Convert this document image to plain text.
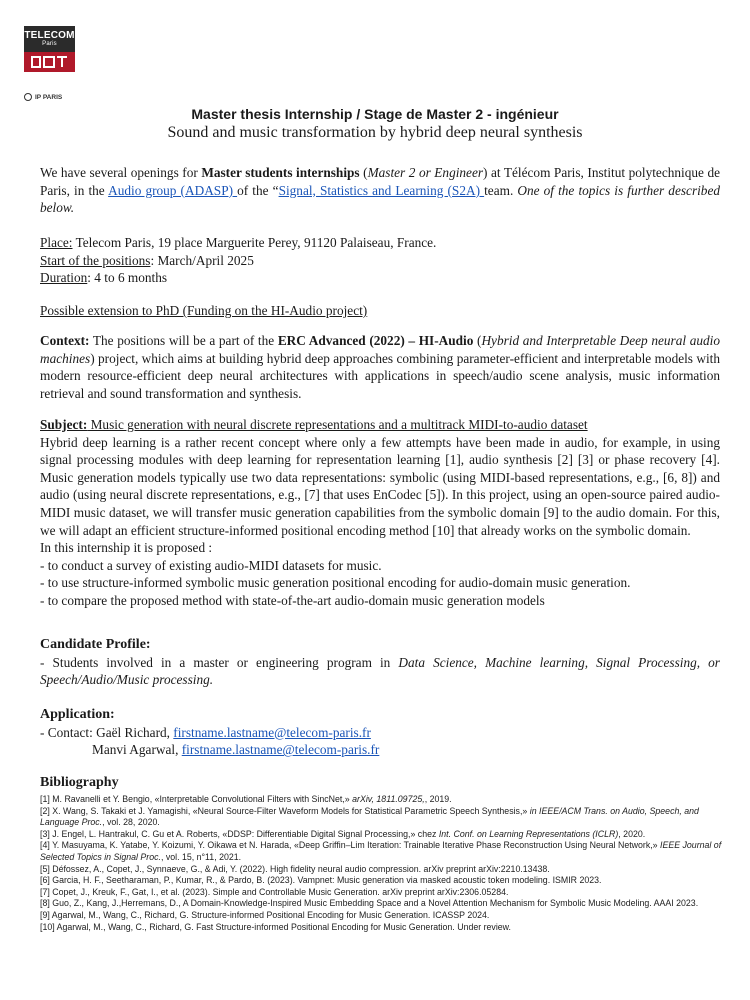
TELECOM
Paris
IP PARIS
Master thesis Internship / Stage de Master 2 - ingénieur
Sound and music transformation by hybrid deep neural synthesis
We have several openings for Master students internships (Master 2 or Engineer) at Télécom Paris, Institut polytechnique de Paris, in the Audio group (ADASP) of the “Signal, Statistics and Learning (S2A) team. One of the topics is further described below.
Place: Telecom Paris, 19 place Marguerite Perey, 91120 Palaiseau, France.
Start of the positions: March/April 2025
Duration: 4 to 6 months
Possible extension to PhD (Funding on the HI-Audio project)
Context: The positions will be a part of the ERC Advanced (2022) – HI-Audio (Hybrid and Interpretable Deep neural audio machines) project, which aims at building hybrid deep approaches combining parameter-efficient and interpretable models with modern resource-efficient deep neural architectures with applications in speech/audio scene analysis, music information retrieval and sound transformation and synthesis.
Subject: Music generation with neural discrete representations and a multitrack MIDI-to-audio dataset
Hybrid deep learning is a rather recent concept where only a few attempts have been made in audio, for example, in using signal processing modules with deep learning for representation learning [1], audio synthesis [2] [3] or phase recovery [4]. Music generation models typically use two data representations: symbolic (using MIDI-based representations, e.g., [6, 8]) and audio (using neural discrete representations, e.g., [7] that uses EnCodec [5]). In this project, using an open-source paired audio-MIDI music dataset, we will transfer music generation capabilities from the symbolic domain [9] to the audio domain. For this, we will adapt an efficient structure-informed positional encoding method [10] that already works on the symbolic domain.
In this internship it is proposed :
- to conduct a survey of existing audio-MIDI datasets for music.
- to use structure-informed symbolic music generation positional encoding for audio-domain music generation.
- to compare the proposed method with state-of-the-art audio-domain music generation models
Candidate Profile:
- Students involved in a master or engineering program in Data Science, Machine learning, Signal Processing, or Speech/Audio/Music processing.
Application:
- Contact: Gaël Richard, firstname.lastname@telecom-paris.fr
Manvi Agarwal, firstname.lastname@telecom-paris.fr
Bibliography
[1] M. Ravanelli et Y. Bengio, «Interpretable Convolutional Filters with SincNet,» arXiv, 1811.09725,, 2019.
[2] X. Wang, S. Takaki et J. Yamagishi, «Neural Source-Filter Waveform Models for Statistical Parametric Speech Synthesis,» in IEEE/ACM Trans. on Audio, Speech, and Language Proc., vol. 28, 2020.
[3] J. Engel, L. Hantrakul, C. Gu et A. Roberts, «DDSP: Differentiable Digital Signal Processing,» chez Int. Conf. on Learning Representations (ICLR), 2020.
[4] Y. Masuyama, K. Yatabe, Y. Koizumi, Y. Oikawa et N. Harada, «Deep Griffin–Lim Iteration: Trainable Iterative Phase Reconstruction Using Neural Network,» IEEE Journal of Selected Topics in Signal Proc., vol. 15, n°11, 2021.
[5] Défossez, A., Copet, J., Synnaeve, G., & Adi, Y. (2022). High fidelity neural audio compression. arXiv preprint arXiv:2210.13438.
[6] Garcia, H. F., Seetharaman, P., Kumar, R., & Pardo, B. (2023). Vampnet: Music generation via masked acoustic token modeling. ISMIR 2023.
[7] Copet, J., Kreuk, F., Gat, I., et al. (2023). Simple and Controllable Music Generation. arXiv preprint arXiv:2306.05284.
[8] Guo, Z., Kang, J.,Herremans, D., A Domain-Knowledge-Inspired Music Embedding Space and a Novel Attention Mechanism for Symbolic Music Modeling. AAAI 2023.
[9] Agarwal, M., Wang, C., Richard, G. Structure-informed Positional Encoding for Music Generation. ICASSP 2024.
[10] Agarwal, M., Wang, C., Richard, G. Fast Structure-informed Positional Encoding for Music Generation. Under review.
